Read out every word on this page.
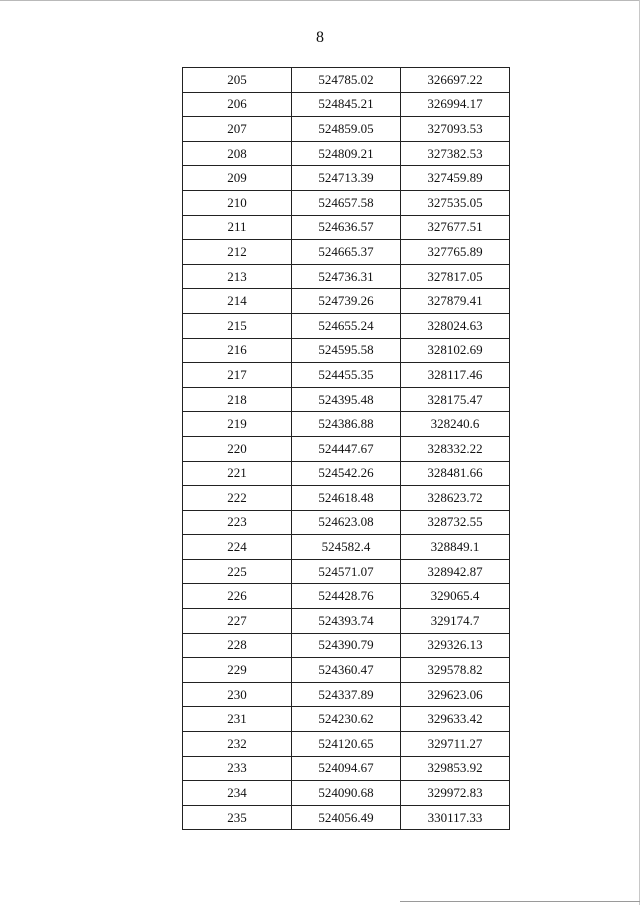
8
205	524785.02	326697.22
206	524845.21	326994.17
207	524859.05	327093.53
208	524809.21	327382.53
209	524713.39	327459.89
210	524657.58	327535.05
211	524636.57	327677.51
212	524665.37	327765.89
213	524736.31	327817.05
214	524739.26	327879.41
215	524655.24	328024.63
216	524595.58	328102.69
217	524455.35	328117.46
218	524395.48	328175.47
219	524386.88	328240.6
220	524447.67	328332.22
221	524542.26	328481.66
222	524618.48	328623.72
223	524623.08	328732.55
224	524582.4	328849.1
225	524571.07	328942.87
226	524428.76	329065.4
227	524393.74	329174.7
228	524390.79	329326.13
229	524360.47	329578.82
230	524337.89	329623.06
231	524230.62	329633.42
232	524120.65	329711.27
233	524094.67	329853.92
234	524090.68	329972.83
235	524056.49	330117.33
